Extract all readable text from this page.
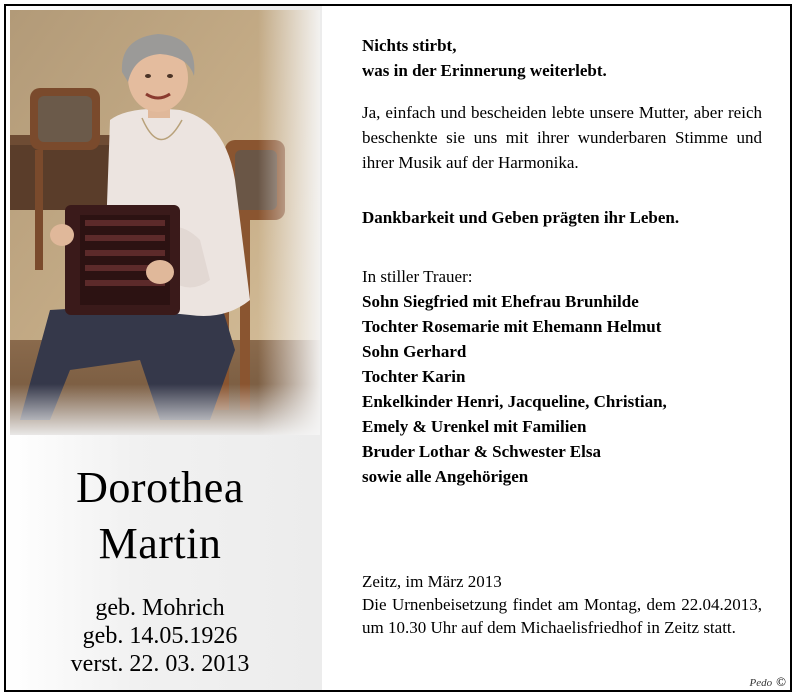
Dorothea
Martin
geb. Mohrich
geb. 14.05.1926
verst. 22. 03. 2013
Nichts stirbt,
was in der Erinnerung weiterlebt.
Ja, einfach und bescheiden lebte unsere Mutter, aber reich beschenkte sie uns mit ihrer wunderbaren Stimme und ihrer Musik auf der Harmonika.
Dankbarkeit und Geben prägten ihr Leben.
In stiller Trauer:
Sohn Siegfried mit Ehefrau Brunhilde
Tochter Rosemarie mit Ehemann Helmut
Sohn Gerhard
Tochter Karin
Enkelkinder Henri, Jacqueline, Christian,
Emely & Urenkel mit Familien
Bruder Lothar & Schwester Elsa
sowie alle Angehörigen
Zeitz, im März 2013
Die Urnenbeisetzung findet am Montag, dem 22.04.2013, um 10.30 Uhr auf dem Michaelisfriedhof in Zeitz statt.
Pedo ©
